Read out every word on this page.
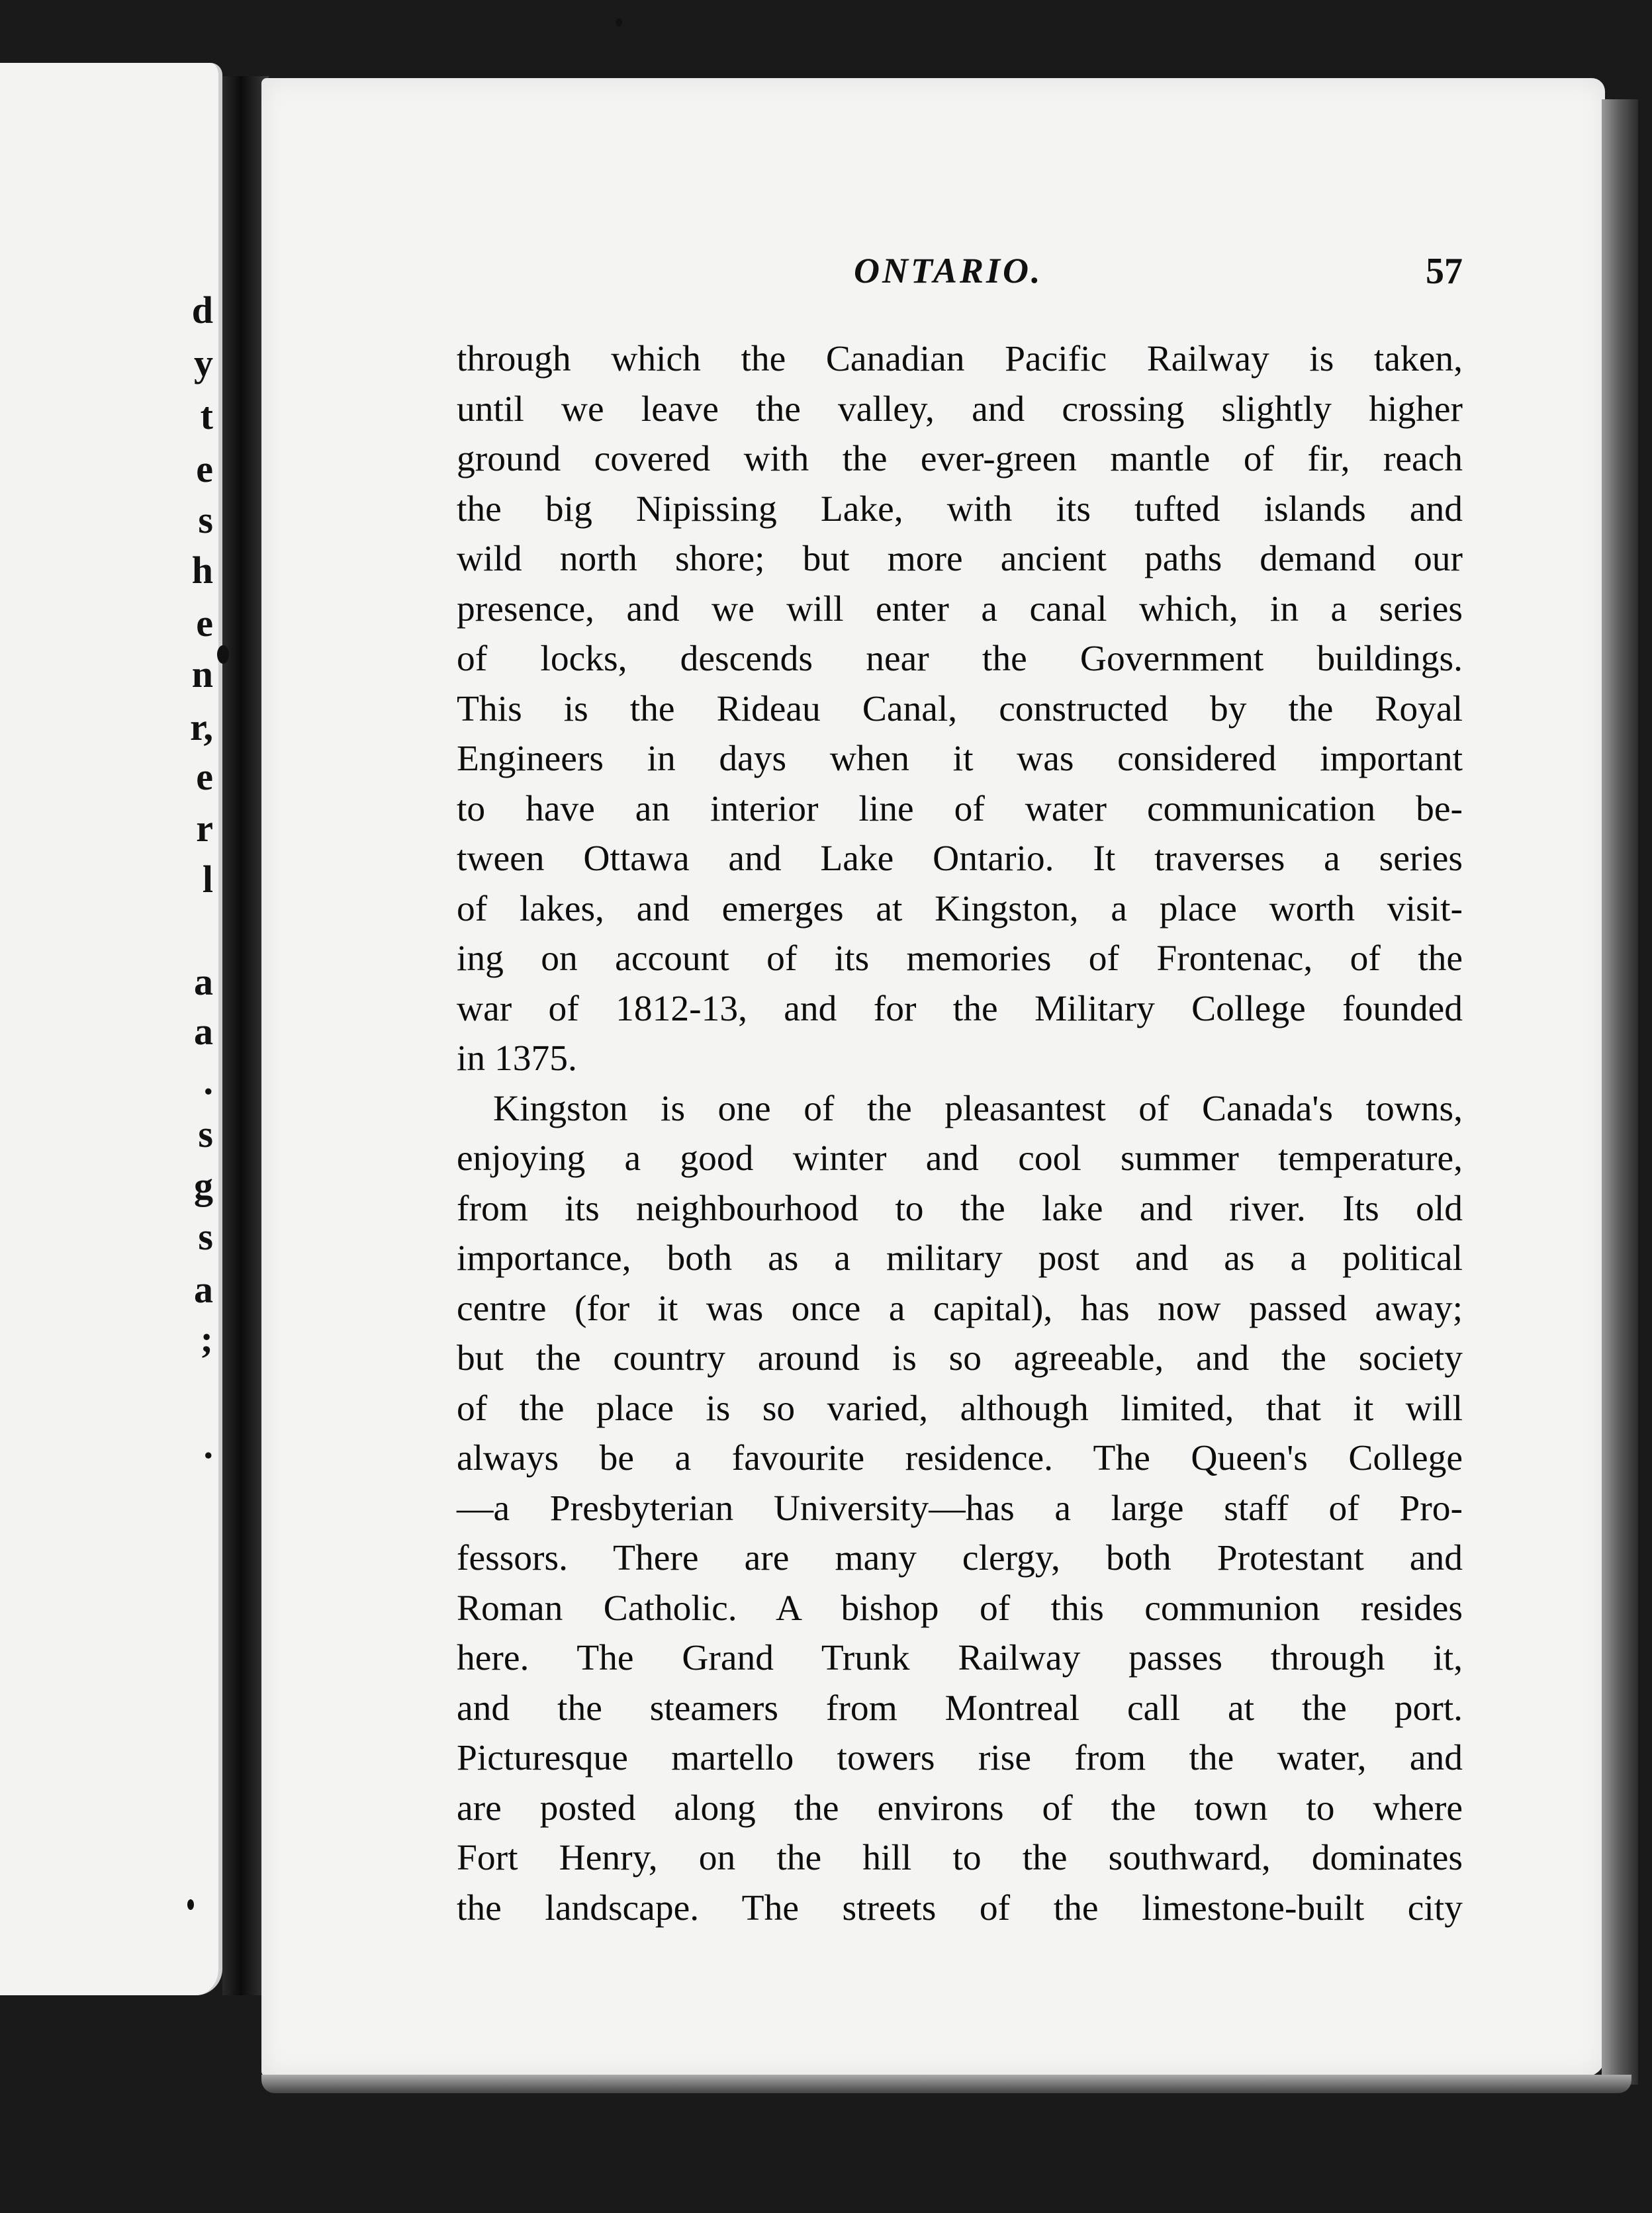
d
y
t
e
s
h
e
n
r,
e
r
l
a
a
.
s
g
s
a
;
.
ONTARIO.	57
through which the Canadian Pacific Railway is taken,
until we leave the valley, and crossing slightly higher
ground covered with the ever-green mantle of fir, reach
the big Nipissing Lake, with its tufted islands and
wild north shore; but more ancient paths demand our
presence, and we will enter a canal which, in a series
of locks, descends near the Government buildings.
This is the Rideau Canal, constructed by the Royal
Engineers in days when it was considered important
to have an interior line of water communication be-
tween Ottawa and Lake Ontario. It traverses a series
of lakes, and emerges at Kingston, a place worth visit-
ing on account of its memories of Frontenac, of the
war of 1812-13, and for the Military College founded
in 1375.
Kingston is one of the pleasantest of Canada's towns,
enjoying a good winter and cool summer temperature,
from its neighbourhood to the lake and river. Its old
importance, both as a military post and as a political
centre (for it was once a capital), has now passed away;
but the country around is so agreeable, and the society
of the place is so varied, although limited, that it will
always be a favourite residence. The Queen's College
—a Presbyterian University—has a large staff of Pro-
fessors. There are many clergy, both Protestant and
Roman Catholic. A bishop of this communion resides
here. The Grand Trunk Railway passes through it,
and the steamers from Montreal call at the port.
Picturesque martello towers rise from the water, and
are posted along the environs of the town to where
Fort Henry, on the hill to the southward, dominates
the landscape. The streets of the limestone-built city
